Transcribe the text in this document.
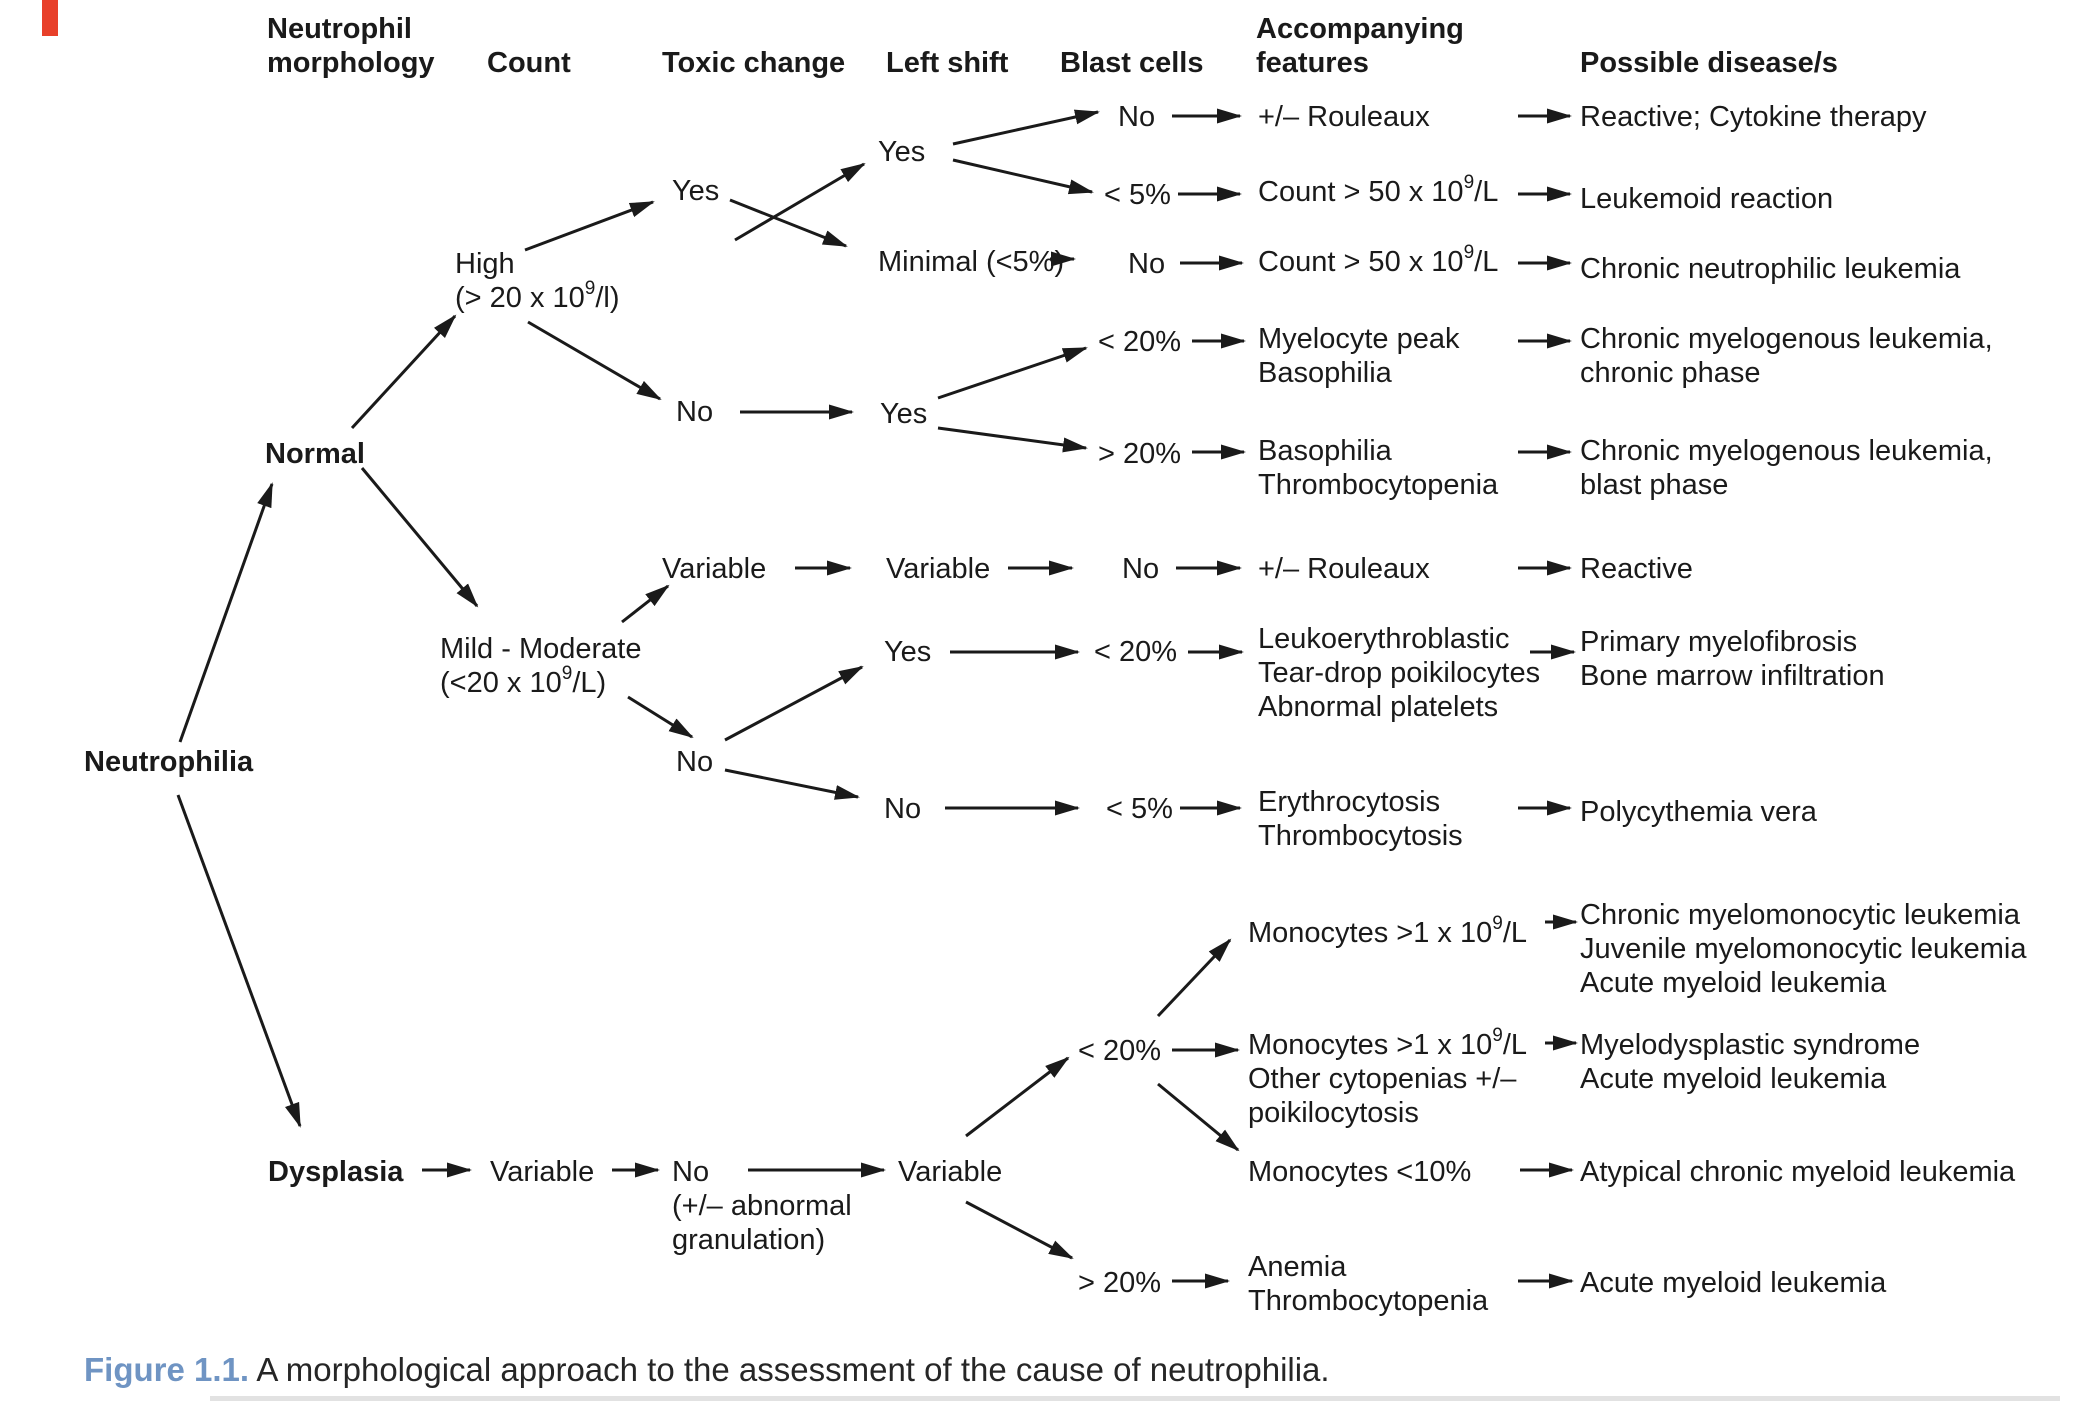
Neutrophil
morphology Count	Toxic change Left shift Blast cells
Accompanying
features	Possible disease/s
Neutrophilia
Normal
Dysplasia
High
(> 20 x $10^9/l$)
Mild - Moderate
(<20 x $10^9/L$)
Variable
Yes
No
Variable
No
No
(+/– abnormal
granulation)
Yes
Minimal (<5%)
Yes
Variable
Yes
No
Variable
No
< 5%
No
< 20%
> 20%
No
< 20%
< 5%
< 20%
> 20%
+/– Rouleaux
Count > 50 x $10^9/L$
Count > 50 x $10^9/L$
Myelocyte peak
Basophilia
Basophilia
Thrombocytopenia
+/– Rouleaux
Leukoerythroblastic
Tear-drop poikilocytes
Abnormal platelets
Erythrocytosis
Thrombocytosis
Monocytes >1 x $10^9/L$
Monocytes >1 x $10^9/L$
Other cytopenias +/–
poikilocytosis
Monocytes <10%
Anemia
Thrombocytopenia
Reactive; Cytokine therapy
Leukemoid reaction
Chronic neutrophilic leukemia
Chronic myelogenous leukemia,
chronic phase
Chronic myelogenous leukemia,
blast phase
Reactive
Primary myelofibrosis
Bone marrow infiltration
Polycythemia vera
Chronic myelomonocytic leukemia
Juvenile myelomonocytic leukemia
Acute myeloid leukemia
Myelodysplastic syndrome
Acute myeloid leukemia
Atypical chronic myeloid leukemia
Acute myeloid leukemia
Figure 1.1. A morphological approach to the assessment of the cause of neutrophilia.
